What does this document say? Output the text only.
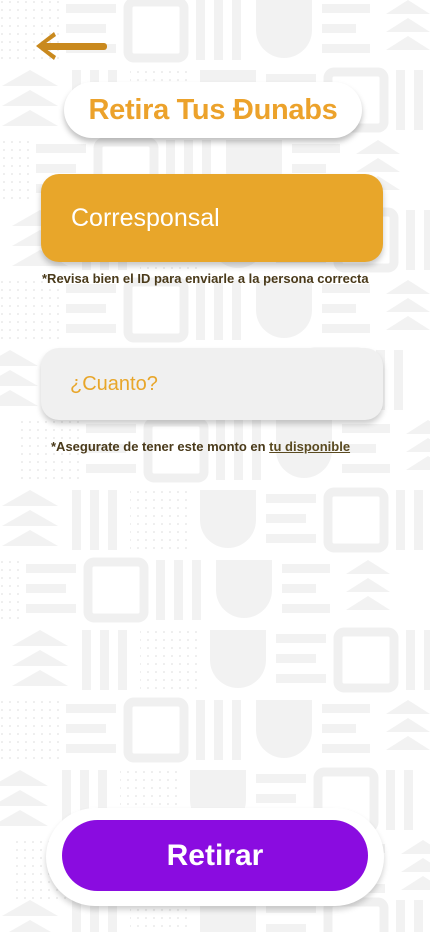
Retira Tus Đunabs
Corresponsal
*Revisa bien el ID para enviarle a la persona correcta
¿Cuanto?
*Asegurate de tener este monto en tu disponible
Retirar
